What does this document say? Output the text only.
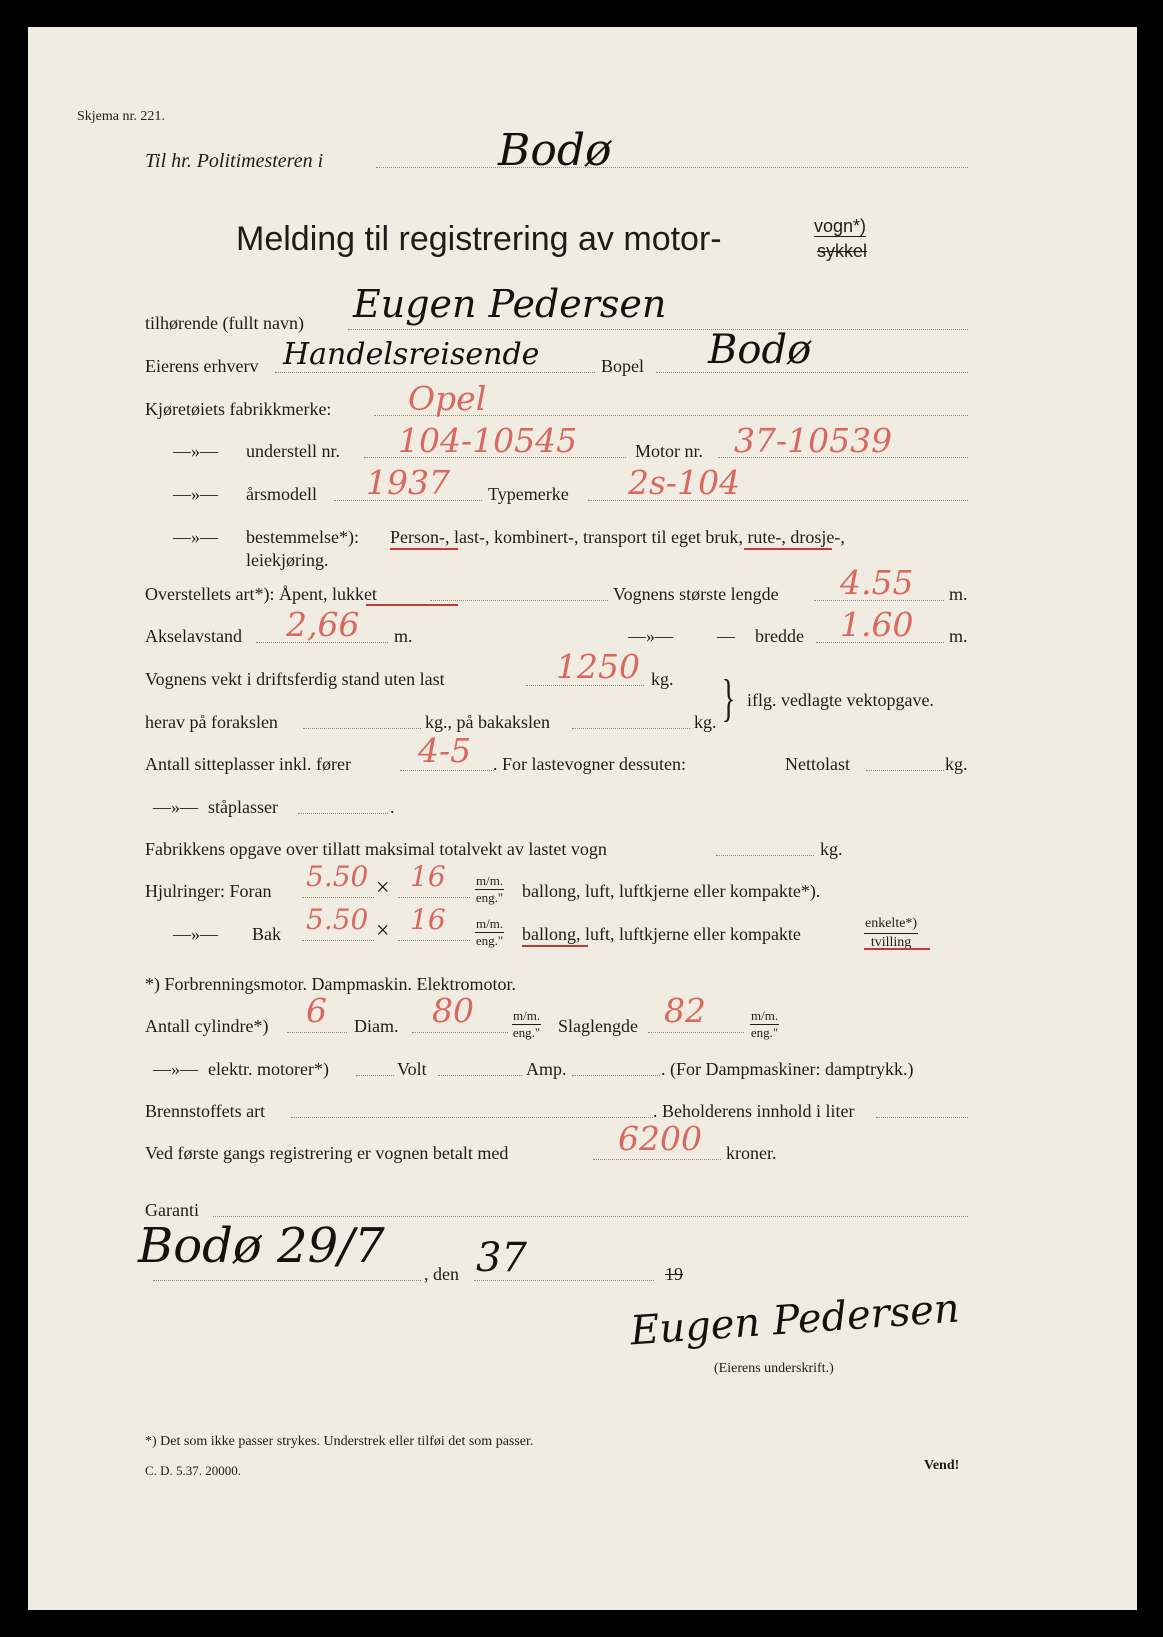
Skjema nr. 221.
Til hr. Politimesteren i	Bodø
Melding til registrering av motor-	vogn*)
sykkel
tilhørende (fullt navn) Eugen Pedersen
Eierens erhverv Handelsreisende	Bopel Bodø
Kjøretøiets fabrikkmerke: Opel
—»— understell nr. 104-10545	Motor nr. 37-10539
—»— årsmodell 1937 Typemerke 2s-104
—»— bestemmelse*): Person-, last-, kombinert-, transport til eget bruk, rute-, drosje-,
leiekjøring.
Overstellets art*): Åpent, lukket	Vognens største lengde 4.55 m.
Akselavstand 2,66 m.	—»— — bredde 1.60 m.
Vognens vekt i driftsferdig stand uten last	1250 kg.
herav på forakslen	kg., på bakakslen	kg. } iflg. vedlagte vektopgave.
Antall sitteplasser inkl. fører 4-5 . For lastevogner dessuten:	Nettolast	kg.
—»— ståplasser	.
Fabrikkens opgave over tillatt maksimal totalvekt av lastet vogn	kg.
Hjulringer: Foran 5.50 × 16 m/m.
eng." ballong, luft, luftkjerne eller kompakte*).
—»— Bak 5.50 × 16 m/m.
eng." ballong, luft, luftkjerne eller kompakte
enkelte*)
tvilling
*) Forbrenningsmotor. Dampmaskin. Elektromotor.
Antall cylindre*) 6 Diam. 80	m/m.
eng." Slaglengde 82	m/m.
eng."
—»— elektr. motorer*)	Volt	Amp.	. (For Dampmaskiner: damptrykk.)
Brennstoffets art	. Beholderens innhold i liter
Ved første gangs registrering er vognen betalt med	6200 kroner.
Garanti
Bodø 29/7 , den 37	19
Eugen Pedersen
(Eierens underskrift.)
*) Det som ikke passer strykes. Understrek eller tilføi det som passer.
C. D. 5.37. 20000.	Vend!
